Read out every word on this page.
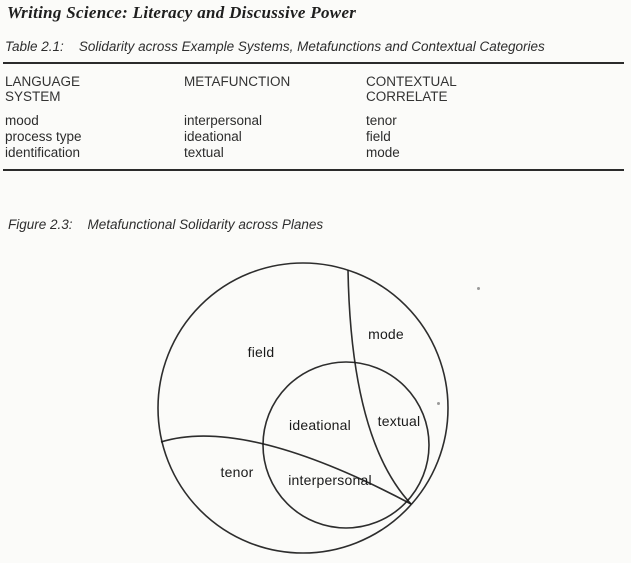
Writing Science: Literacy and Discussive Power
Table 2.1: Solidarity across Example Systems, Metafunctions and Contextual Categories
LANGUAGE
SYSTEM
METAFUNCTION	CONTEXTUAL
CORRELATE
mood
process type
identification
interpersonal
ideational
textual
tenor
field
mode
Figure 2.3: Metafunctional Solidarity across Planes
field
mode
ideational textual
tenor interpersonal
